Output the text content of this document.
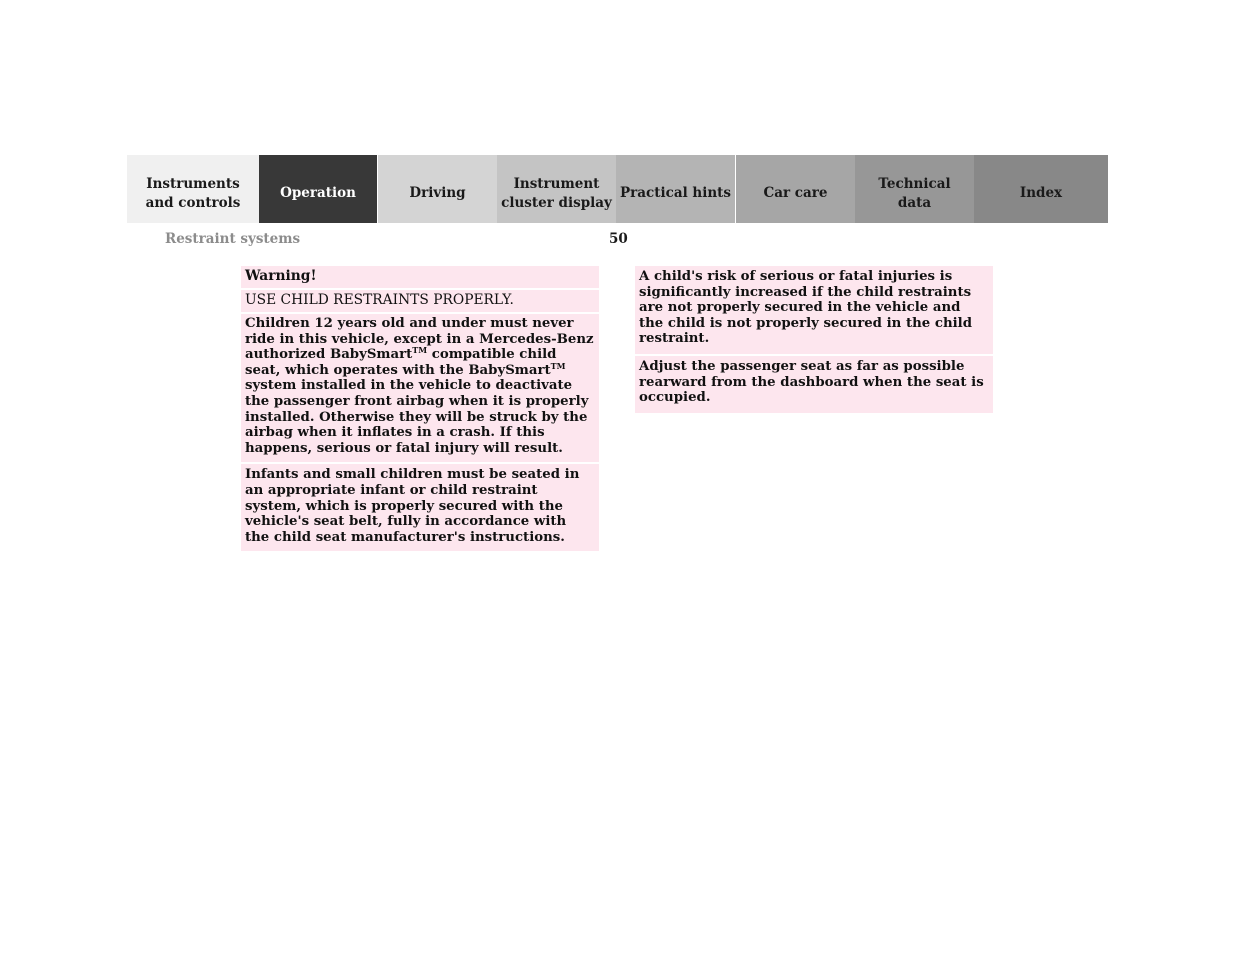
Instruments
and controls
Operation	Driving
Instrument
cluster display
Practical hints	Car care
Technical
data
Index
Restraint systems	50
Warning!
USE CHILD RESTRAINTS PROPERLY.
Children 12 years old and under must never ride in this vehicle, except in a Mercedes-Benz authorized BabySmart™ compatible child seat, which operates with the BabySmart™ system installed in the vehicle to deactivate the passenger front airbag when it is properly installed. Otherwise they will be struck by the airbag when it inflates in a crash. If this happens, serious or fatal injury will result.
Infants and small children must be seated in an appropriate infant or child restraint system, which is properly secured with the vehicle's seat belt, fully in accordance with the child seat manufacturer's instructions.
A child's risk of serious or fatal injuries is significantly increased if the child restraints are not properly secured in the vehicle and the child is not properly secured in the child restraint.
Adjust the passenger seat as far as possible rearward from the dashboard when the seat is occupied.
